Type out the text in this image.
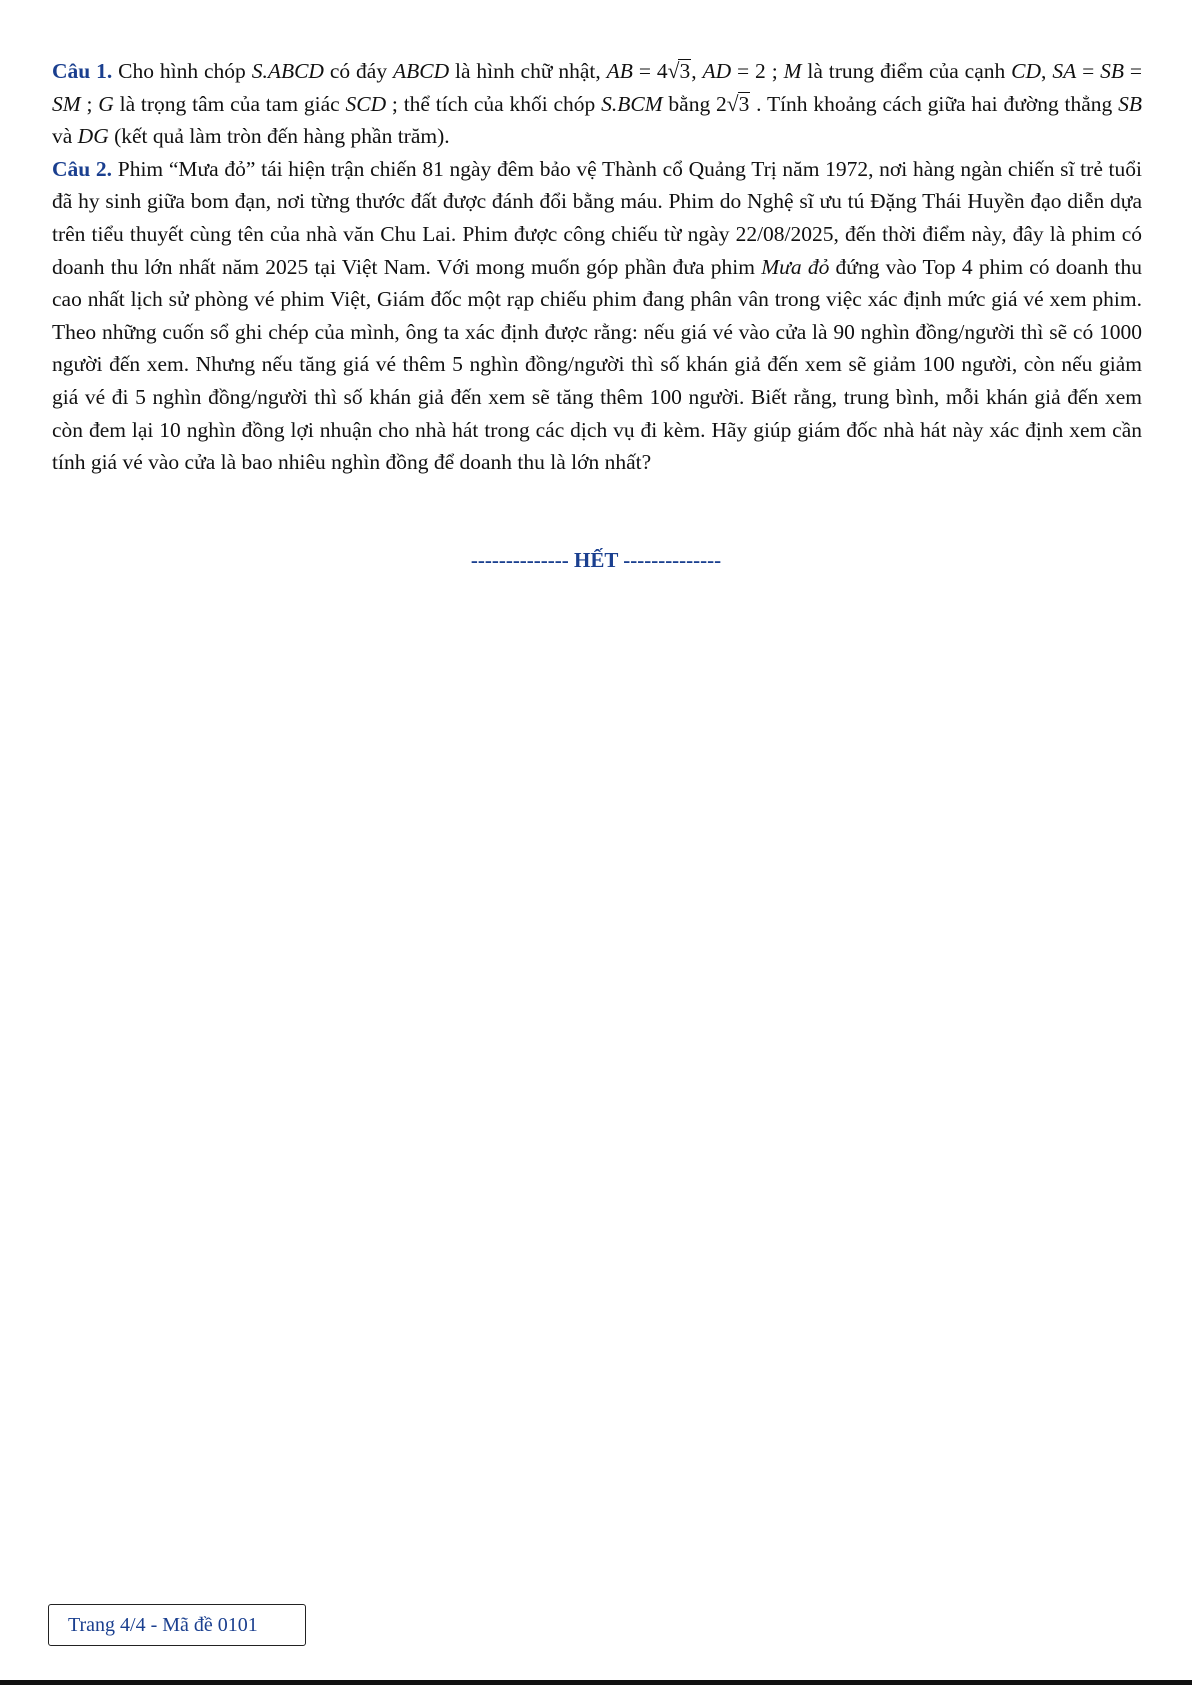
Câu 1. Cho hình chóp S.ABCD có đáy ABCD là hình chữ nhật, AB = 4√3, AD = 2 ; M là trung điểm của cạnh CD, SA = SB = SM ; G là trọng tâm của tam giác SCD ; thể tích của khối chóp S.BCM bằng 2√3 . Tính khoảng cách giữa hai đường thẳng SB và DG (kết quả làm tròn đến hàng phần trăm).

Câu 2. Phim “Mưa đỏ” tái hiện trận chiến 81 ngày đêm bảo vệ Thành cổ Quảng Trị năm 1972, nơi hàng ngàn chiến sĩ trẻ tuổi đã hy sinh giữa bom đạn, nơi từng thước đất được đánh đổi bằng máu. Phim do Nghệ sĩ ưu tú Đặng Thái Huyền đạo diễn dựa trên tiểu thuyết cùng tên của nhà văn Chu Lai. Phim được công chiếu từ ngày 22/08/2025, đến thời điểm này, đây là phim có doanh thu lớn nhất năm 2025 tại Việt Nam. Với mong muốn góp phần đưa phim Mưa đỏ đứng vào Top 4 phim có doanh thu cao nhất lịch sử phòng vé phim Việt, Giám đốc một rạp chiếu phim đang phân vân trong việc xác định mức giá vé xem phim. Theo những cuốn sổ ghi chép của mình, ông ta xác định được rằng: nếu giá vé vào cửa là 90 nghìn đồng/người thì sẽ có 1000 người đến xem. Nhưng nếu tăng giá vé thêm 5 nghìn đồng/người thì số khán giả đến xem sẽ giảm 100 người, còn nếu giảm giá vé đi 5 nghìn đồng/người thì số khán giả đến xem sẽ tăng thêm 100 người. Biết rằng, trung bình, mỗi khán giả đến xem còn đem lại 10 nghìn đồng lợi nhuận cho nhà hát trong các dịch vụ đi kèm. Hãy giúp giám đốc nhà hát này xác định xem cần tính giá vé vào cửa là bao nhiêu nghìn đồng để doanh thu là lớn nhất?

-------------- HẾT --------------
Trang 4/4 - Mã đề 0101
